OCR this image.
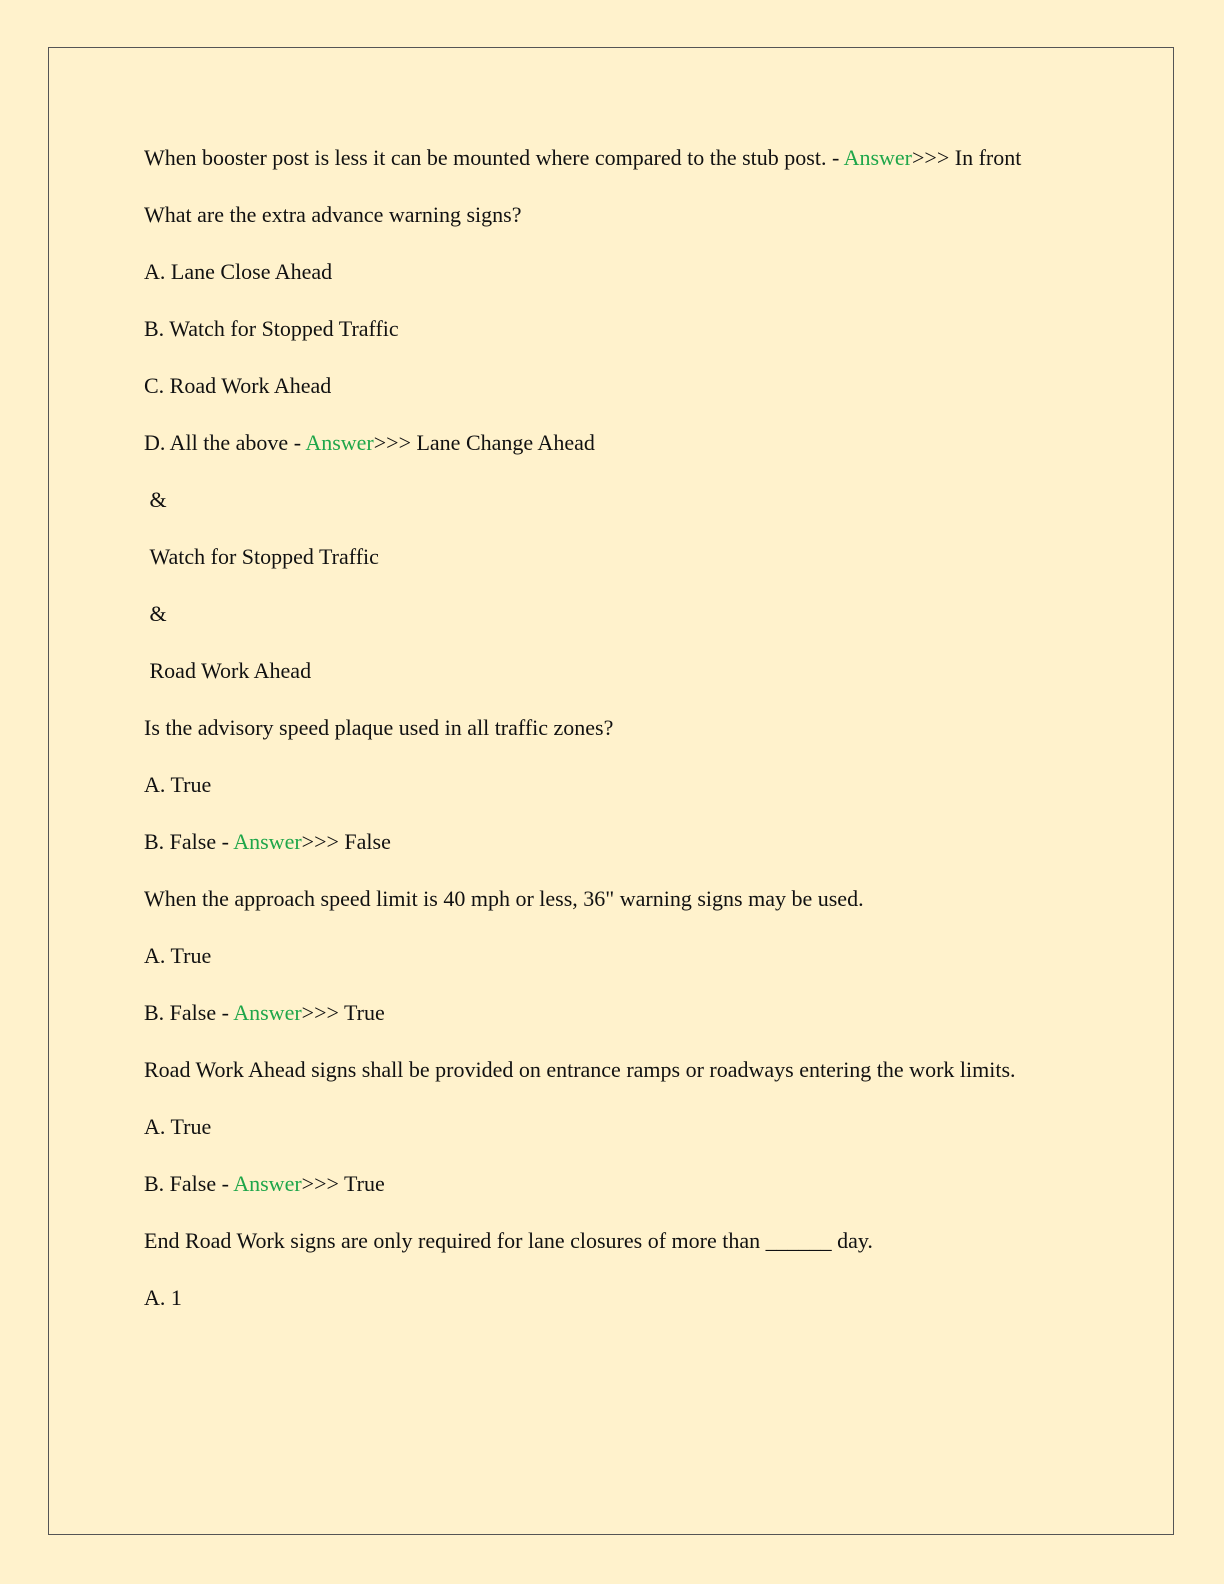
When booster post is less it can be mounted where compared to the stub post. - Answer>>> In front
What are the extra advance warning signs?
A. Lane Close Ahead
B. Watch for Stopped Traffic
C. Road Work Ahead
D. All the above - Answer>>> Lane Change Ahead
&
Watch for Stopped Traffic
&
Road Work Ahead
Is the advisory speed plaque used in all traffic zones?
A. True
B. False - Answer>>> False
When the approach speed limit is 40 mph or less, 36" warning signs may be used.
A. True
B. False - Answer>>> True
Road Work Ahead signs shall be provided on entrance ramps or roadways entering the work limits.
A. True
B. False - Answer>>> True
End Road Work signs are only required for lane closures of more than ______ day.
A. 1
